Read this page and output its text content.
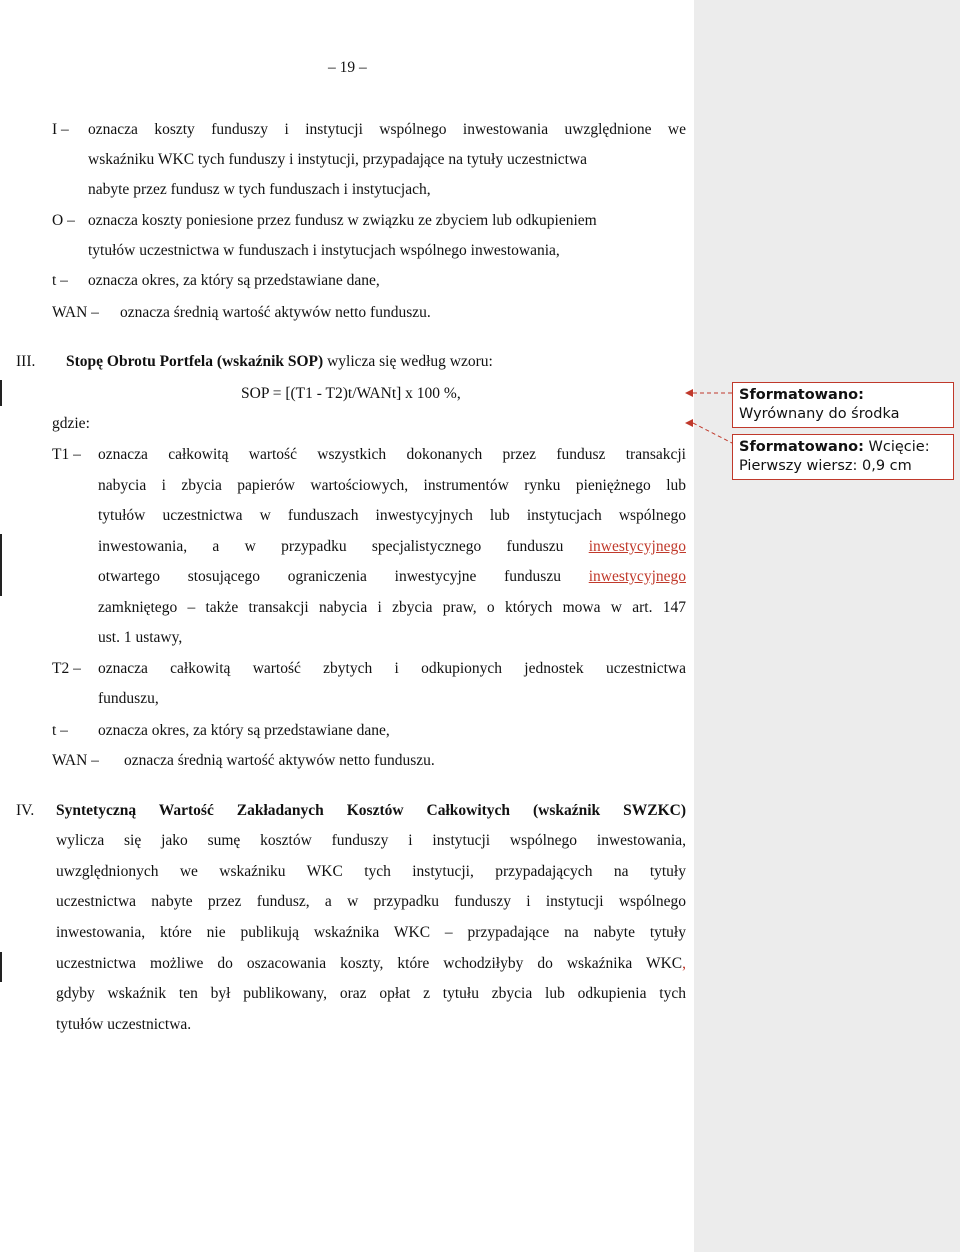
– 19 –
I – oznacza koszty funduszy i instytucji wspólnego inwestowania uwzględnione we
wskaźniku WKC tych funduszy i instytucji, przypadające na tytuły uczestnictwa
nabyte przez fundusz w tych funduszach i instytucjach,
O – oznacza koszty poniesione przez fundusz w związku ze zbyciem lub odkupieniem
tytułów uczestnictwa w funduszach i instytucjach wspólnego inwestowania,
t – oznacza okres, za który są przedstawiane dane,
WAN – oznacza średnią wartość aktywów netto funduszu.
III. Stopę Obrotu Portfela (wskaźnik SOP) wylicza się według wzoru:
SOP = [(T1 - T2)t/WANt] x 100 %,
gdzie:
T1 – oznacza całkowitą wartość wszystkich dokonanych przez fundusz transakcji
nabycia i zbycia papierów wartościowych, instrumentów rynku pieniężnego lub
tytułów uczestnictwa w funduszach inwestycyjnych lub instytucjach wspólnego
inwestowania, a w przypadku specjalistycznego funduszu inwestycyjnego
otwartego stosującego ograniczenia inwestycyjne funduszu inwestycyjnego
zamkniętego – także transakcji nabycia i zbycia praw, o których mowa w art. 147
ust. 1 ustawy,
T2 – oznacza całkowitą wartość zbytych i odkupionych jednostek uczestnictwa
funduszu,
t – oznacza okres, za który są przedstawiane dane,
WAN – oznacza średnią wartość aktywów netto funduszu.
IV. Syntetyczną Wartość Zakładanych Kosztów Całkowitych (wskaźnik SWZKC)
wylicza się jako sumę kosztów funduszy i instytucji wspólnego inwestowania,
uwzględnionych we wskaźniku WKC tych instytucji, przypadających na tytuły
uczestnictwa nabyte przez fundusz, a w przypadku funduszy i instytucji wspólnego
inwestowania, które nie publikują wskaźnika WKC – przypadające na nabyte tytuły
uczestnictwa możliwe do oszacowania koszty, które wchodziłyby do wskaźnika WKC,
gdyby wskaźnik ten był publikowany, oraz opłat z tytułu zbycia lub odkupienia tych
tytułów uczestnictwa.
Sformatowano:
Wyrównany do środka
Sformatowano: Wcięcie:
Pierwszy wiersz: 0,9 cm
